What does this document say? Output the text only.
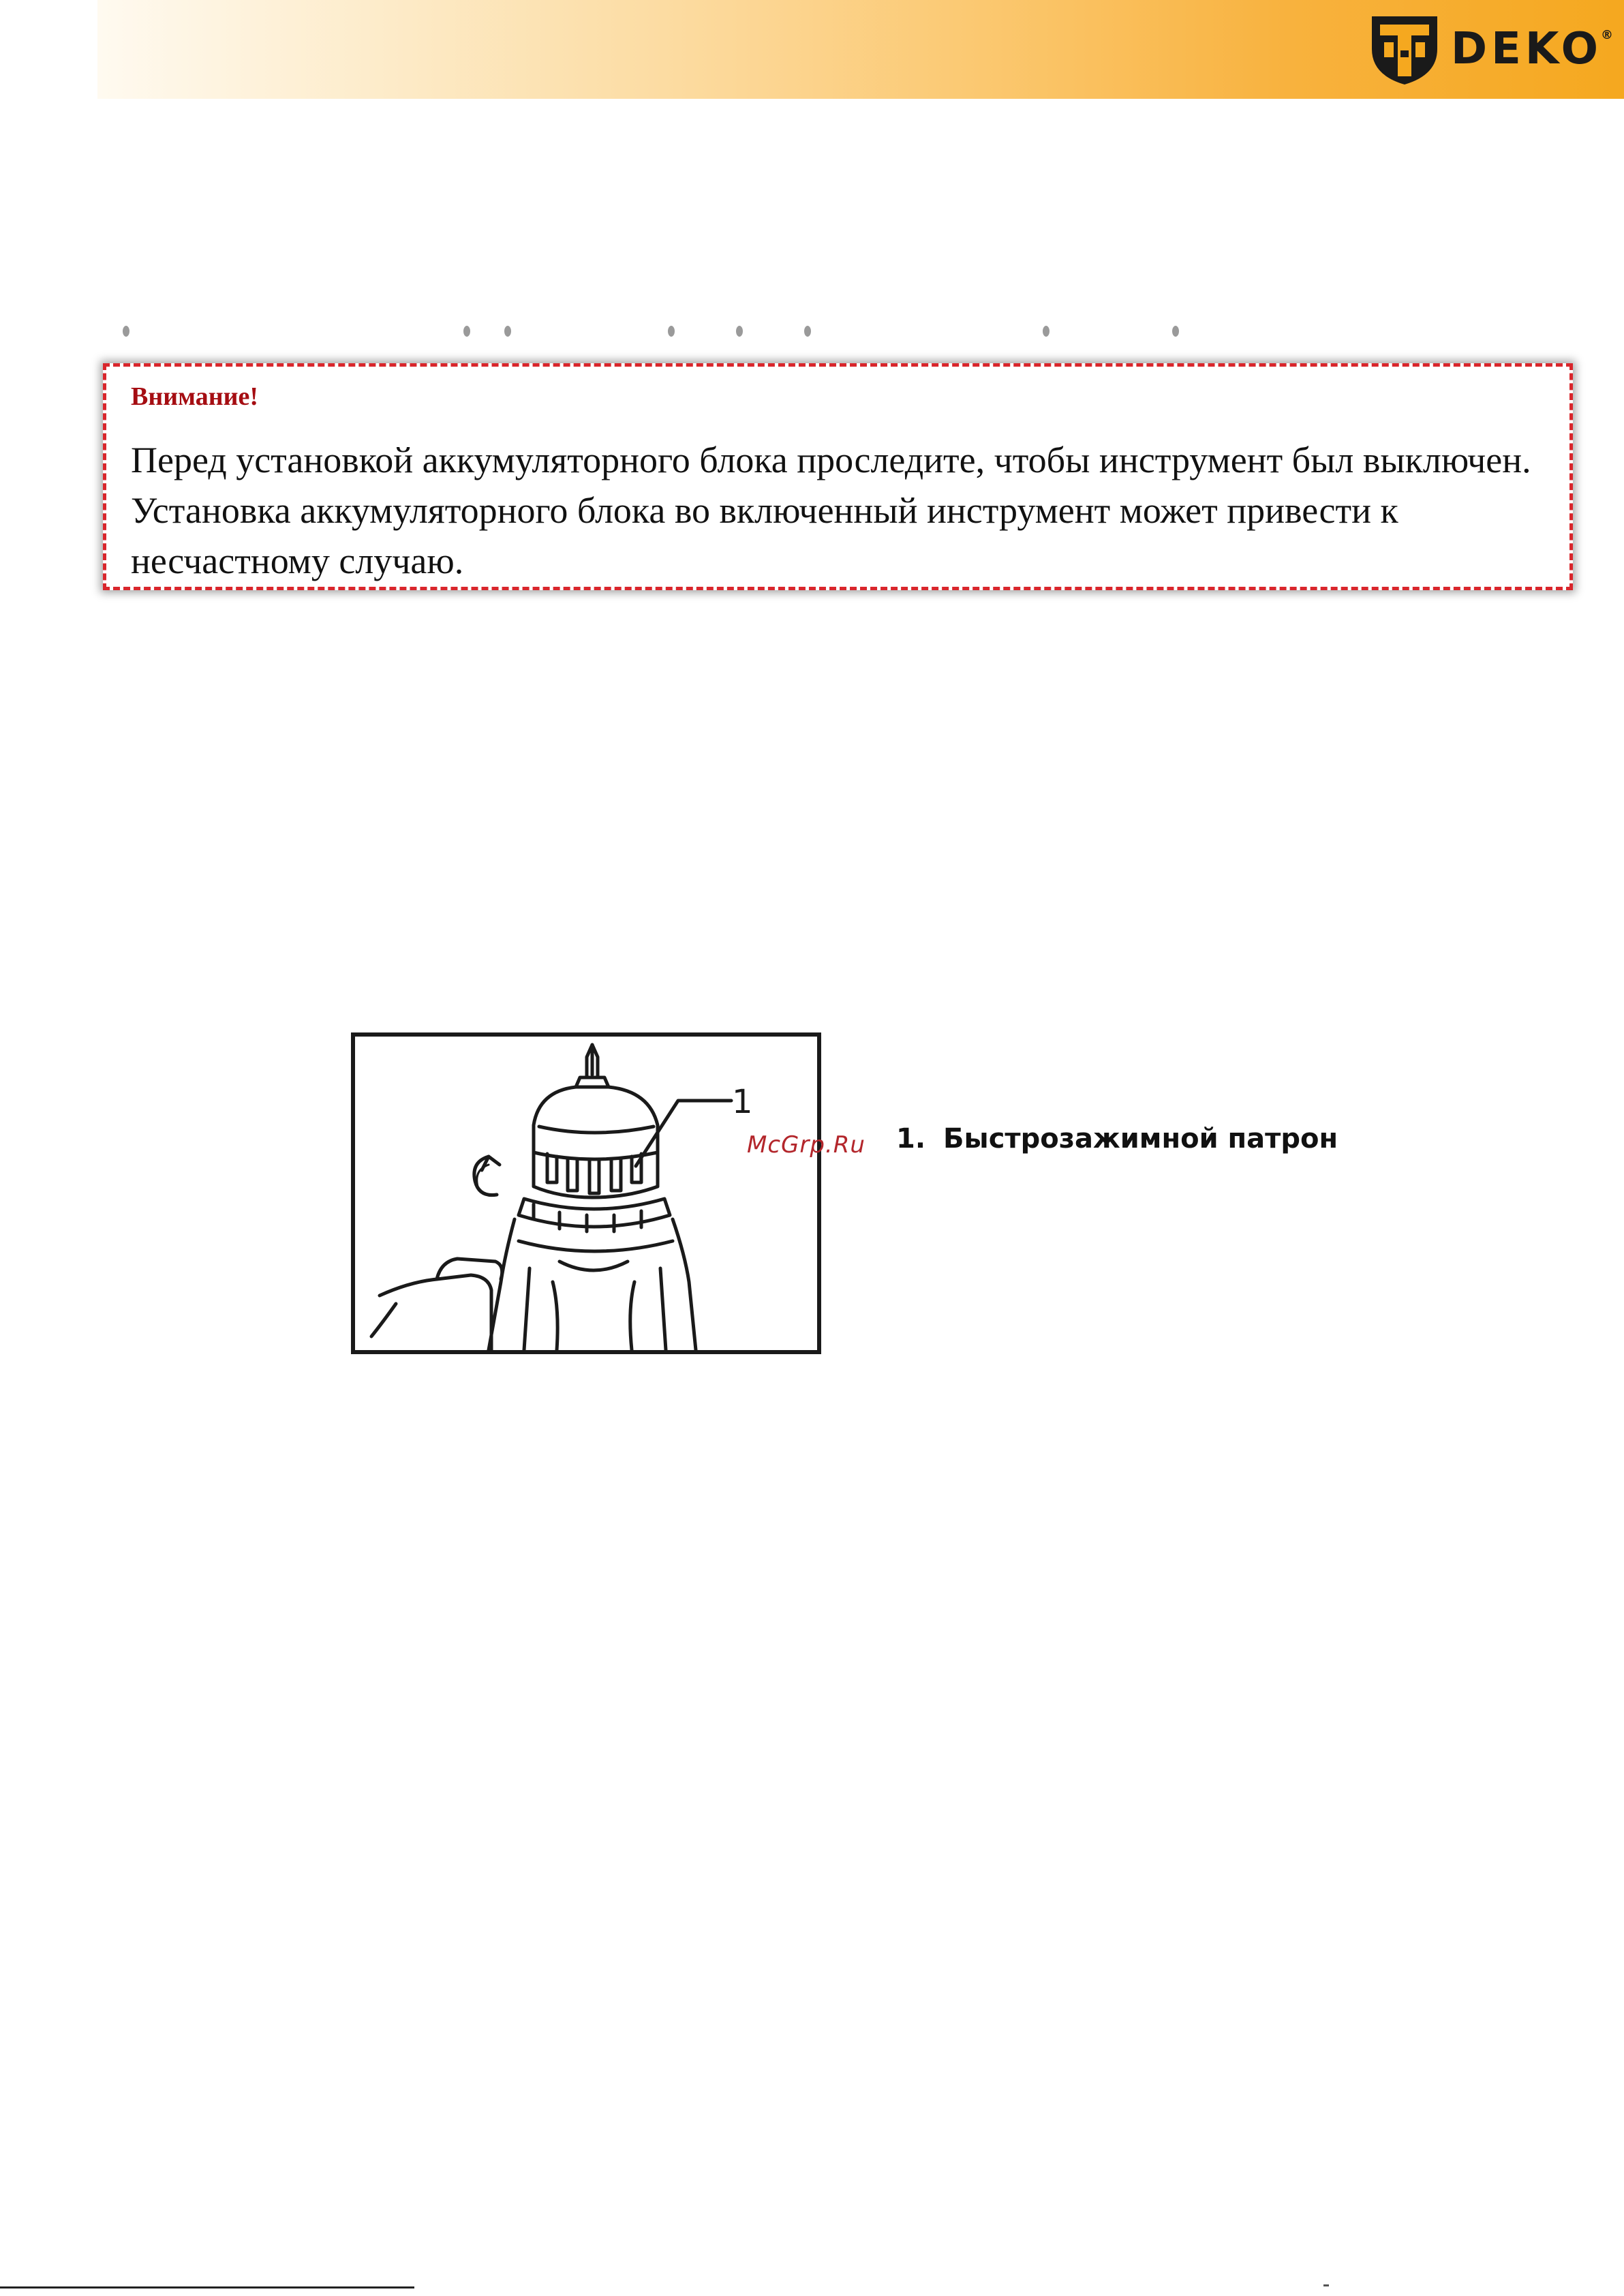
DEKO
®
Внимание!
Перед установкой аккумуляторного блока проследите, чтобы инструмент был выключен. Установка аккумуляторного блока во включенный инструмент может привести к несчастному случаю.
1
McGrp.Ru 1. Быстрозажимной патрон
